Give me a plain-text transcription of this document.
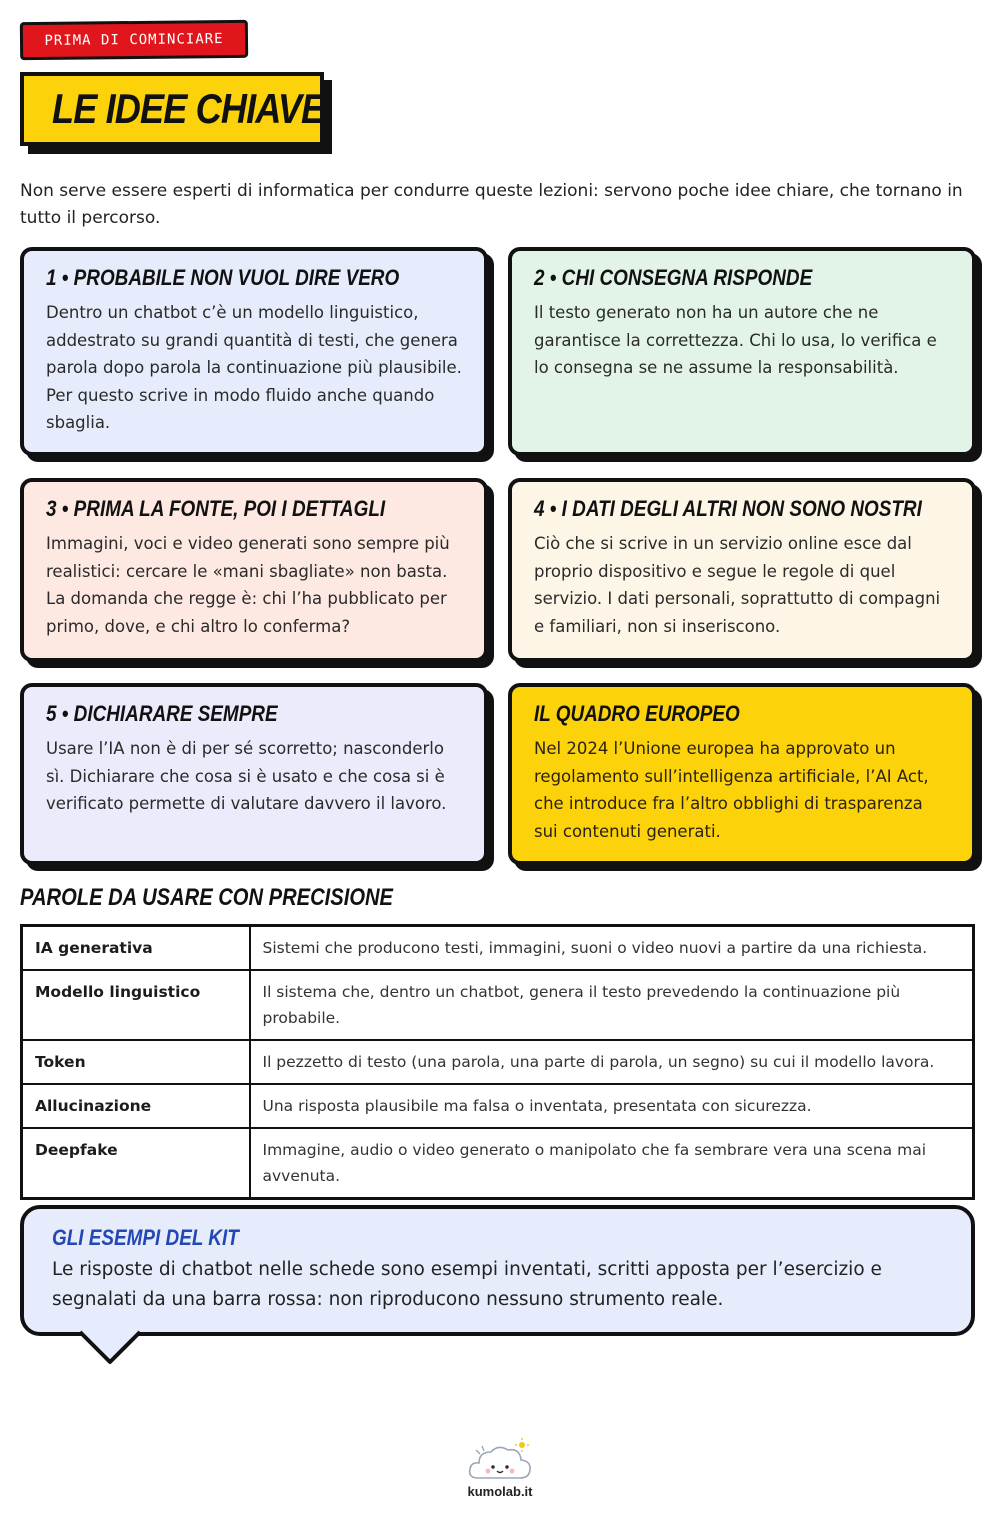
PRIMA DI COMINCIARE
LE IDEE CHIAVE

Non serve essere esperti di informatica per condurre queste lezioni: servono poche idee chiare, che tornano in tutto il percorso.

1 • PROBABILE NON VUOL DIRE VERO

Dentro un chatbot c’è un modello linguistico, addestrato su grandi quantità di testi, che genera parola dopo parola la continuazione più plausibile. Per questo scrive in modo fluido anche quando sbaglia.

2 • CHI CONSEGNA RISPONDE

Il testo generato non ha un autore che ne garantisce la correttezza. Chi lo usa, lo verifica e lo consegna se ne assume la responsabilità.

3 • PRIMA LA FONTE, POI I DETTAGLI

Immagini, voci e video generati sono sempre più realistici: cercare le «mani sbagliate» non basta. La domanda che regge è: chi l’ha pubblicato per primo, dove, e chi altro lo conferma?

4 • I DATI DEGLI ALTRI NON SONO NOSTRI

Ciò che si scrive in un servizio online esce dal proprio dispositivo e segue le regole di quel servizio. I dati personali, soprattutto di compagni e familiari, non si inseriscono.

5 • DICHIARARE SEMPRE

Usare l’IA non è di per sé scorretto; nasconderlo sì. Dichiarare che cosa si è usato e che cosa si è verificato permette di valutare davvero il lavoro.

IL QUADRO EUROPEO

Nel 2024 l’Unione europea ha approvato un regolamento sull’intelligenza artificiale, l’AI Act, che introduce fra l’altro obblighi di trasparenza sui contenuti generati.

PAROLE DA USARE CON PRECISIONE
IA generativa	Sistemi che producono testi, immagini, suoni o video nuovi a partire da una richiesta.
Modello linguistico	Il sistema che, dentro un chatbot, genera il testo prevedendo la continuazione più probabile.
Token	Il pezzetto di testo (una parola, una parte di parola, un segno) su cui il modello lavora.
Allucinazione	Una risposta plausibile ma falsa o inventata, presentata con sicurezza.
Deepfake	Immagine, audio o video generato o manipolato che fa sembrare vera una scena mai avvenuta.
GLI ESEMPI DEL KIT

Le risposte di chatbot nelle schede sono esempi inventati, scritti apposta per l’esercizio e segnalati da una barra rossa: non riproducono nessuno strumento reale.

kumolab.it
